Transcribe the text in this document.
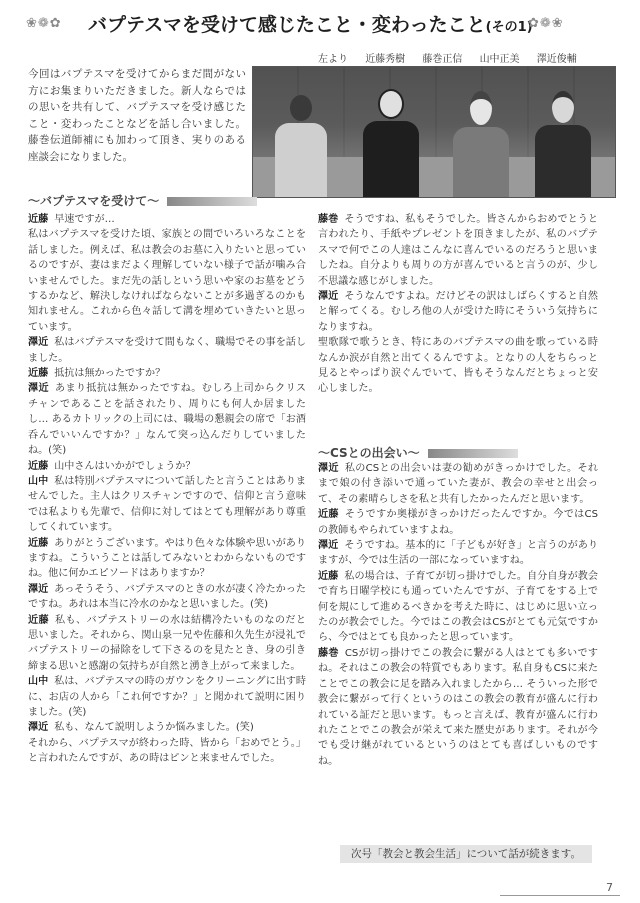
❀❁✿ バプテスマを受けて感じたこと・変わったこと(その1)
✿❁❀
左より 近藤秀樹 藤巻正信 山中正美 澤近俊輔
今回はバプテスマを受けてからまだ間がない方にお集まりいただきました。新人ならではの思いを共有して、バプテスマを受け感じたこと・変わったことなどを話し合いました。藤巻伝道師補にも加わって頂き、実りのある座談会になりました。
〜バプテスマを受けて〜

近藤 早速ですが…

私はバプテスマを受けた頃、家族との間でいろいろなことを話しました。例えば、私は教会のお墓に入りたいと思っているのですが、妻はまだよく理解していない様子で話が噛み合いませんでした。まだ先の話しという思いや家のお墓をどうするかなど、解決しなければならないことが多過ぎるのかも知れません。これから色々話して溝を埋めていきたいと思っています。

澤近 私はバプテスマを受けて間もなく、職場でその事を話しました。

近藤 抵抗は無かったですか？

澤近 あまり抵抗は無かったですね。むしろ上司からクリスチャンであることを話されたり、周りにも何人か居ましたし… あるカトリックの上司には、職場の懇親会の席で「お酒呑んでいいんですか？」なんて突っ込んだりしていましたね。(笑)

近藤 山中さんはいかがでしょうか？

山中 私は特別バプテスマについて話したと言うことはありませんでした。主人はクリスチャンですので、信仰と言う意味では私よりも先輩で、信仰に対してはとても理解があり尊重してくれています。

近藤 ありがとうございます。やはり色々な体験や思いがありますね。こういうことは話してみないとわからないものですね。他に何かエピソードはありますか？

澤近 あっそうそう、バプテスマのときの水が凄く冷たかったですね。あれは本当に冷水のかなと思いました。(笑)

近藤 私も、バプテストリーの水は結構冷たいものなのだと思いました。それから、関山泉一兄や佐藤和久先生が浸礼でバプテストリーの掃除をして下さるのを見たとき、身の引き締まる思いと感謝の気持ちが自然と湧き上がって来ました。

山中 私は、バプテスマの時のガウンをクリーニングに出す時に、お店の人から「これ何ですか？」と聞かれて説明に困りました。(笑)

澤近 私も、なんて説明しようか悩みました。(笑)

それから、バプテスマが終わった時、皆から「おめでとう。」と言われたんですが、あの時はピンと来ませんでした。

藤巻 そうですね、私もそうでした。皆さんからおめでとうと言われたり、手紙やプレゼントを頂きましたが、私のバプテスマで何でこの人達はこんなに喜んでいるのだろうと思いましたね。自分よりも周りの方が喜んでいると言うのが、少し不思議な感じがしました。

澤近 そうなんですよね。だけどその訳はしばらくすると自然と解ってくる。むしろ他の人が受けた時にそういう気持ちになりますね。

聖歌隊で歌うとき、特にあのバプテスマの曲を歌っている時なんか涙が自然と出てくるんですよ。となりの人をちらっと見るとやっぱり涙ぐんでいて、皆もそうなんだとちょっと安心しました。

〜CSとの出会い〜

澤近 私のCSとの出会いは妻の勧めがきっかけでした。それまで娘の付き添いで通っていた妻が、教会の幸せと出会って、その素晴らしさを私と共有したかったんだと思います。

近藤 そうですか奥様がきっかけだったんですか。今ではCSの教師もやられていますよね。

澤近 そうですね。基本的に「子どもが好き」と言うのがありますが、今では生活の一部になっていますね。

近藤 私の場合は、子育てが切っ掛けでした。自分自身が教会で育ち日曜学校にも通っていたんですが、子育てをする上で何を規にして進めるべきかを考えた時に、はじめに思い立ったのが教会でした。今ではこの教会はCSがとても元気ですから、今ではとても良かったと思っています。

藤巻 CSが切っ掛けでこの教会に繋がる人はとても多いですね。それはこの教会の特質でもあります。私自身もCSに来たことでこの教会に足を踏み入れましたから… そういった形で教会に繋がって行くというのはこの教会の教育が盛んに行われている証だと思います。もっと言えば、教育が盛んに行われたことでこの教会が栄えて来た歴史があります。それが今でも受け継がれているというのはとても喜ばしいものですね。

次号「教会と教会生活」について話が続きます。
7
